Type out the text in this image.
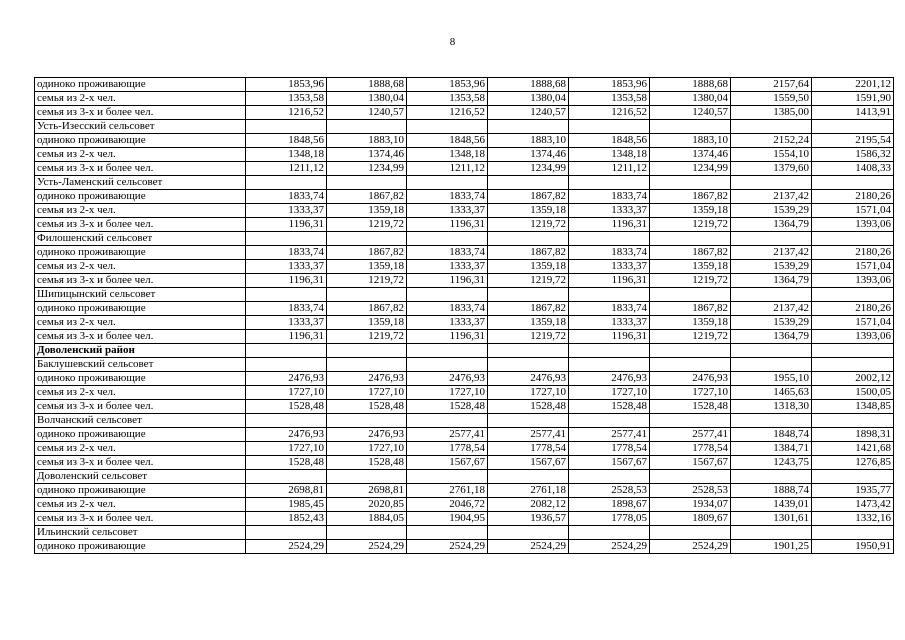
8
одиноко проживающие	1853,96	1888,68	1853,96	1888,68	1853,96	1888,68	2157,64	2201,12
семья из 2-х чел.	1353,58	1380,04	1353,58	1380,04	1353,58	1380,04	1559,50	1591,90
семья из 3-х и более чел.	1216,52	1240,57	1216,52	1240,57	1216,52	1240,57	1385,00	1413,91
Усть-Изесский сельсовет								
одиноко проживающие	1848,56	1883,10	1848,56	1883,10	1848,56	1883,10	2152,24	2195,54
семья из 2-х чел.	1348,18	1374,46	1348,18	1374,46	1348,18	1374,46	1554,10	1586,32
семья из 3-х и более чел.	1211,12	1234,99	1211,12	1234,99	1211,12	1234,99	1379,60	1408,33
Усть-Ламенский сельсовет								
одиноко проживающие	1833,74	1867,82	1833,74	1867,82	1833,74	1867,82	2137,42	2180,26
семья из 2-х чел.	1333,37	1359,18	1333,37	1359,18	1333,37	1359,18	1539,29	1571,04
семья из 3-х и более чел.	1196,31	1219,72	1196,31	1219,72	1196,31	1219,72	1364,79	1393,06
Филошенский сельсовет								
одиноко проживающие	1833,74	1867,82	1833,74	1867,82	1833,74	1867,82	2137,42	2180,26
семья из 2-х чел.	1333,37	1359,18	1333,37	1359,18	1333,37	1359,18	1539,29	1571,04
семья из 3-х и более чел.	1196,31	1219,72	1196,31	1219,72	1196,31	1219,72	1364,79	1393,06
Шипицынский сельсовет								
одиноко проживающие	1833,74	1867,82	1833,74	1867,82	1833,74	1867,82	2137,42	2180,26
семья из 2-х чел.	1333,37	1359,18	1333,37	1359,18	1333,37	1359,18	1539,29	1571,04
семья из 3-х и более чел.	1196,31	1219,72	1196,31	1219,72	1196,31	1219,72	1364,79	1393,06
Доволенский район								
Баклушевский сельсовет								
одиноко проживающие	2476,93	2476,93	2476,93	2476,93	2476,93	2476,93	1955,10	2002,12
семья из 2-х чел.	1727,10	1727,10	1727,10	1727,10	1727,10	1727,10	1465,63	1500,05
семья из 3-х и более чел.	1528,48	1528,48	1528,48	1528,48	1528,48	1528,48	1318,30	1348,85
Волчанский сельсовет								
одиноко проживающие	2476,93	2476,93	2577,41	2577,41	2577,41	2577,41	1848,74	1898,31
семья из 2-х чел.	1727,10	1727,10	1778,54	1778,54	1778,54	1778,54	1384,71	1421,68
семья из 3-х и более чел.	1528,48	1528,48	1567,67	1567,67	1567,67	1567,67	1243,75	1276,85
Доволенский сельсовет								
одиноко проживающие	2698,81	2698,81	2761,18	2761,18	2528,53	2528,53	1888,74	1935,77
семья из 2-х чел.	1985,45	2020,85	2046,72	2082,12	1898,67	1934,07	1439,01	1473,42
семья из 3-х и более чел.	1852,43	1884,05	1904,95	1936,57	1778,05	1809,67	1301,61	1332,16
Ильинский сельсовет								
одиноко проживающие	2524,29	2524,29	2524,29	2524,29	2524,29	2524,29	1901,25	1950,91
